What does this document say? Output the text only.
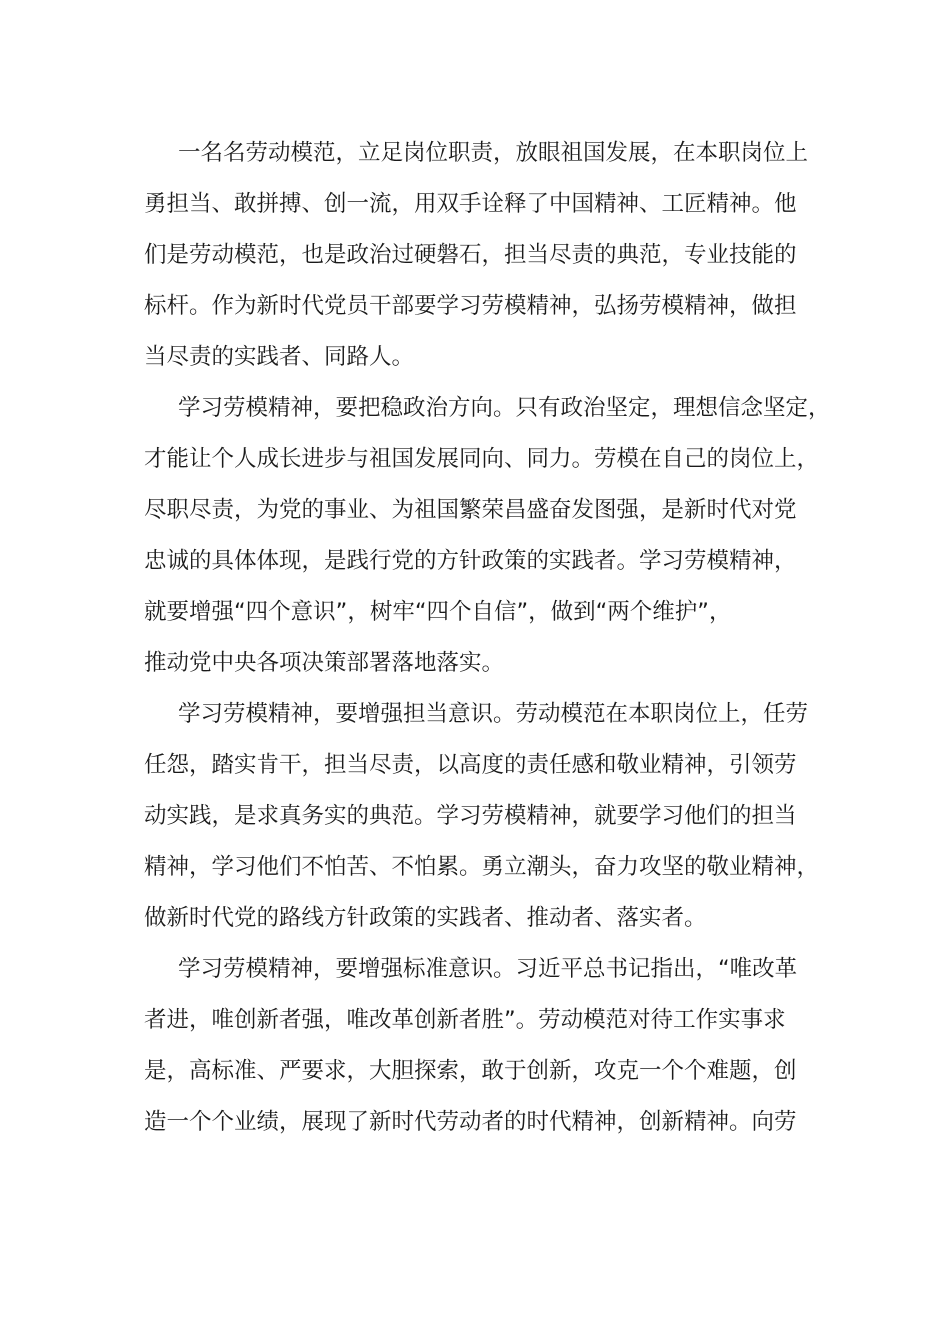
一名名劳动模范，立足岗位职责，放眼祖国发展，在本职岗位上
勇担当、敢拼搏、创一流，用双手诠释了中国精神、工匠精神。他
们是劳动模范，也是政治过硬磐石，担当尽责的典范，专业技能的
标杆。作为新时代党员干部要学习劳模精神，弘扬劳模精神，做担
当尽责的实践者、同路人。
学习劳模精神，要把稳政治方向。只有政治坚定，理想信念坚定，
才能让个人成长进步与祖国发展同向、同力。劳模在自己的岗位上，
尽职尽责，为党的事业、为祖国繁荣昌盛奋发图强，是新时代对党
忠诚的具体体现，是践行党的方针政策的实践者。学习劳模精神，
就要增强“四个意识”，树牢“四个自信”，做到“两个维护”，
推动党中央各项决策部署落地落实。
学习劳模精神，要增强担当意识。劳动模范在本职岗位上，任劳
任怨，踏实肯干，担当尽责，以高度的责任感和敬业精神，引领劳
动实践，是求真务实的典范。学习劳模精神，就要学习他们的担当
精神，学习他们不怕苦、不怕累。勇立潮头，奋力攻坚的敬业精神，
做新时代党的路线方针政策的实践者、推动者、落实者。
学习劳模精神，要增强标准意识。习近平总书记指出，“唯改革
者进，唯创新者强，唯改革创新者胜”。劳动模范对待工作实事求
是，高标准、严要求，大胆探索，敢于创新，攻克一个个难题，创
造一个个业绩，展现了新时代劳动者的时代精神，创新精神。向劳
